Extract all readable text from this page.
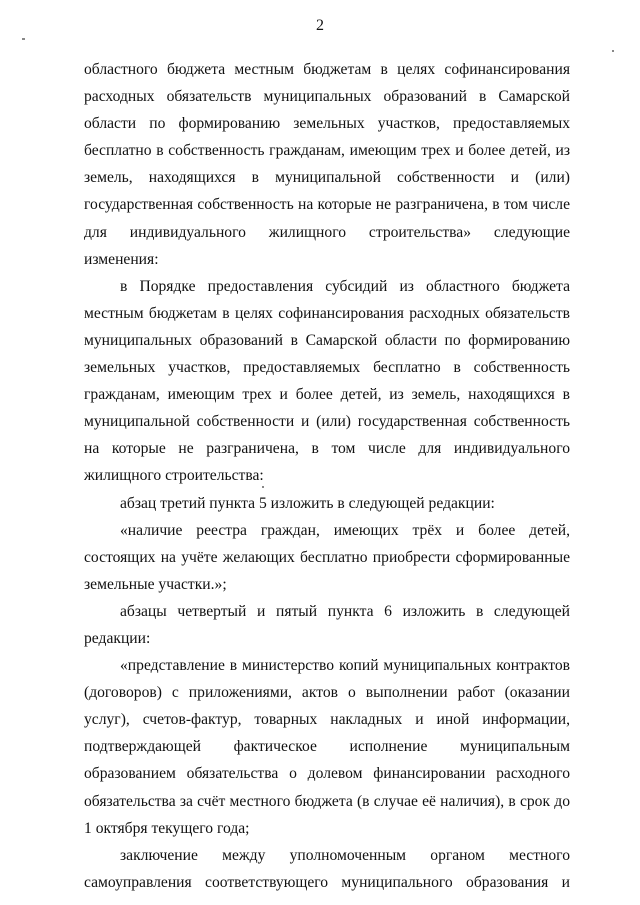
2

областного бюджета местным бюджетам в целях софинансирования расходных обязательств муниципальных образований в Самарской области по формированию земельных участков, предоставляемых бесплатно в собственность гражданам, имеющим трех и более детей, из земель, находящихся в муниципальной собственности и (или) государственная собственность на которые не разграничена, в том числе для индивидуального жилищного строительства» следующие изменения:

в Порядке предоставления субсидий из областного бюджета местным бюджетам в целях софинансирования расходных обязательств муниципальных образований в Самарской области по формированию земельных участков, предоставляемых бесплатно в собственность гражданам, имеющим трех и более детей, из земель, находящихся в муниципальной собственности и (или) государственная собственность на которые не разграничена, в том числе для индивидуального жилищного строительства:

абзац третий пункта 5 изложить в следующей редакции:

«наличие реестра граждан, имеющих трёх и более детей, состоящих на учёте желающих бесплатно приобрести сформированные земельные участки.»;

абзацы четвертый и пятый пункта 6 изложить в следующей редакции:

«представление в министерство копий муниципальных контрактов (договоров) с приложениями, актов о выполнении работ (оказании услуг), счетов-фактур, товарных накладных и иной информации, подтверждающей фактическое исполнение муниципальным образованием обязательства о долевом финансировании расходного обязательства за счёт местного бюджета (в случае её наличия), в срок до 1 октября текущего года;

заключение между уполномоченным органом местного самоуправления соответствующего муниципального образования и
